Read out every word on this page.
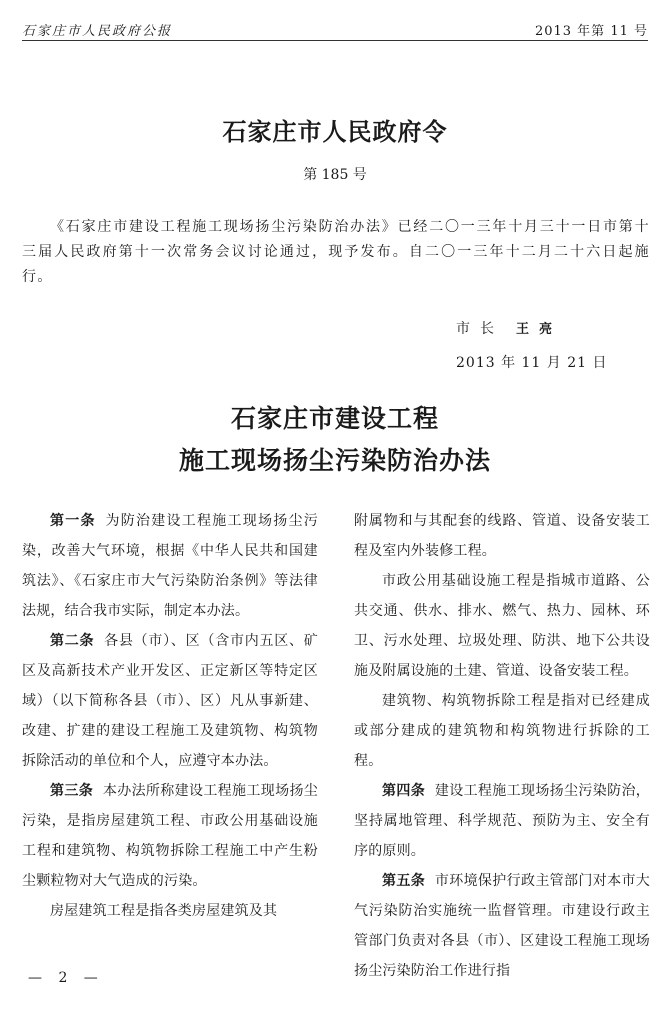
石家庄市人民政府公报	2013 年第 11 号
石家庄市人民政府令
第 185 号

《石家庄市建设工程施工现场扬尘污染防治办法》已经二〇一三年十月三十一日市第十三届人民政府第十一次常务会议讨论通过，现予发布。自二〇一三年十二月二十六日起施行。

市长 王亮
2013 年 11 月 21 日
石家庄市建设工程
施工现场扬尘污染防治办法

第一条 为防治建设工程施工现场扬尘污染，改善大气环境，根据《中华人民共和国建筑法》、《石家庄市大气污染防治条例》等法律法规，结合我市实际，制定本办法。

第二条 各县（市）、区（含市内五区、矿区及高新技术产业开发区、正定新区等特定区域）（以下简称各县（市）、区）凡从事新建、改建、扩建的建设工程施工及建筑物、构筑物拆除活动的单位和个人，应遵守本办法。

第三条 本办法所称建设工程施工现场扬尘污染，是指房屋建筑工程、市政公用基础设施工程和建筑物、构筑物拆除工程施工中产生粉尘颗粒物对大气造成的污染。

房屋建筑工程是指各类房屋建筑及其

附属物和与其配套的线路、管道、设备安装工程及室内外装修工程。

市政公用基础设施工程是指城市道路、公共交通、供水、排水、燃气、热力、园林、环卫、污水处理、垃圾处理、防洪、地下公共设施及附属设施的土建、管道、设备安装工程。

建筑物、构筑物拆除工程是指对已经建成或部分建成的建筑物和构筑物进行拆除的工程。

第四条 建设工程施工现场扬尘污染防治，坚持属地管理、科学规范、预防为主、安全有序的原则。

第五条 市环境保护行政主管部门对本市大气污染防治实施统一监督管理。市建设行政主管部门负责对各县（市）、区建设工程施工现场扬尘污染防治工作进行指

— 2 —
